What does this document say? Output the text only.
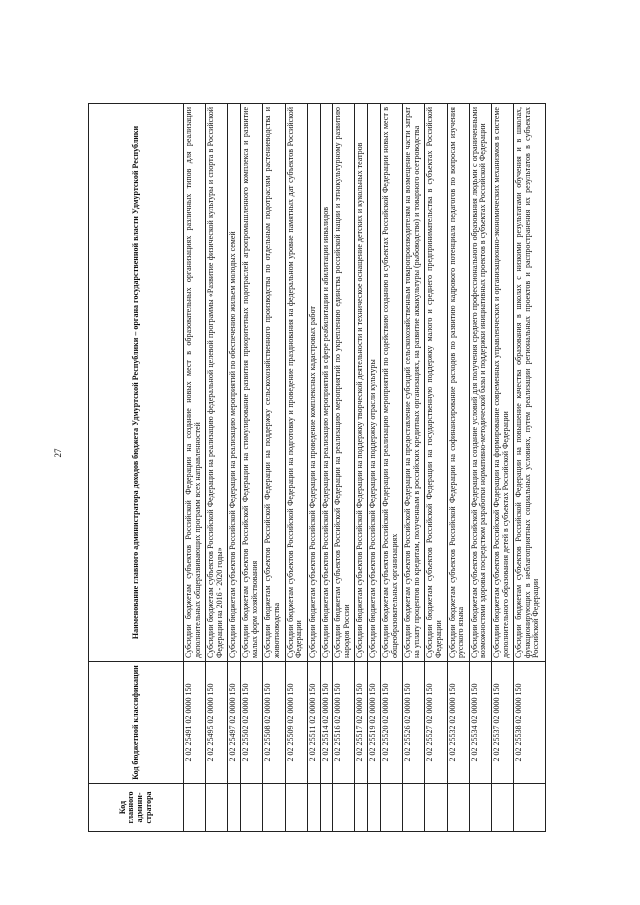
27
Код главного админи-стратора	Код бюджетной классификации	Наименование главного администратора доходов бюджета Удмуртской Республики – органа государственной власти Удмуртской Республики
	2 02 25491 02 0000 150	Субсидии бюджетам субъектов Российской Федерации на создание новых мест в образовательных организациях различных типов для реализации дополнительных общеразвивающих программ всех направленностей
	2 02 25495 02 0000 150	Субсидии бюджетам субъектов Российской Федерации на реализацию федеральной целевой программы «Развитие физической культуры и спорта в Российской Федерации на 2016 - 2020 годы»
	2 02 25497 02 0000 150	Субсидии бюджетам субъектов Российской Федерации на реализацию мероприятий по обеспечению жильем молодых семей
	2 02 25502 02 0000 150	Субсидии бюджетам субъектов Российской Федерации на стимулирование развития приоритетных подотраслей агропромышленного комплекса и развитие малых форм хозяйствования
	2 02 25508 02 0000 150	Субсидии бюджетам субъектов Российской Федерации на поддержку сельскохозяйственного производства по отдельным подотраслям растениеводства и животноводства
	2 02 25509 02 0000 150	Субсидии бюджетам субъектов Российской Федерации на подготовку и проведение празднования на федеральном уровне памятных дат субъектов Российской Федерации
	2 02 25511 02 0000 150	Субсидии бюджетам субъектов Российской Федерации на проведение комплексных кадастровых работ
	2 02 25514 02 0000 150	Субсидии бюджетам субъектов Российской Федерации на реализацию мероприятий в сфере реабилитации и абилитации инвалидов
	2 02 25516 02 0000 150	Субсидии бюджетам субъектов Российской Федерации на реализацию мероприятий по укреплению единства российской нации и этнокультурному развитию народов России
	2 02 25517 02 0000 150	Субсидии бюджетам субъектов Российской Федерации на поддержку творческой деятельности и техническое оснащение детских и кукольных театров
	2 02 25519 02 0000 150	Субсидии бюджетам субъектов Российской Федерации на поддержку отрасли культуры
	2 02 25520 02 0000 150	Субсидии бюджетам субъектов Российской Федерации на реализацию мероприятий по содействию созданию в субъектах Российской Федерации новых мест в общеобразовательных организациях
	2 02 25526 02 0000 150	Субсидии бюджетам субъектов Российской Федерации на предоставление субсидий сельскохозяйственным товаропроизводителям на возмещение части затрат на уплату процентов по кредитам, полученным в российских кредитных организациях, на развитие аквакультуры (рыбоводство) и товарного осетроводства
	2 02 25527 02 0000 150	Субсидии бюджетам субъектов Российской Федерации на государственную поддержку малого и среднего предпринимательства в субъектах Российской Федерации
	2 02 25532 02 0000 150	Субсидии бюджетам субъектов Российской Федерации на софинансирование расходов по развитию кадрового потенциала педагогов по вопросам изучения русского языка
	2 02 25534 02 0000 150	Субсидии бюджетам субъектов Российской Федерации на создание условий для получения среднего профессионального образования людьми с ограниченными возможностями здоровья посредством разработки нормативно-методической базы и поддержки инициативных проектов в субъектах Российской Федерации
	2 02 25537 02 0000 150	Субсидии бюджетам субъектов Российской Федерации на формирование современных управленческих и организационно-экономических механизмов в системе дополнительного образования детей в субъектах Российской Федерации
	2 02 25538 02 0000 150	Субсидии бюджетам субъектов Российской Федерации на повышение качества образования в школах с низкими результатами обучения и в школах, функционирующих в неблагоприятных социальных условиях, путем реализации региональных проектов и распространения их результатов в субъектах Российской Федерации
